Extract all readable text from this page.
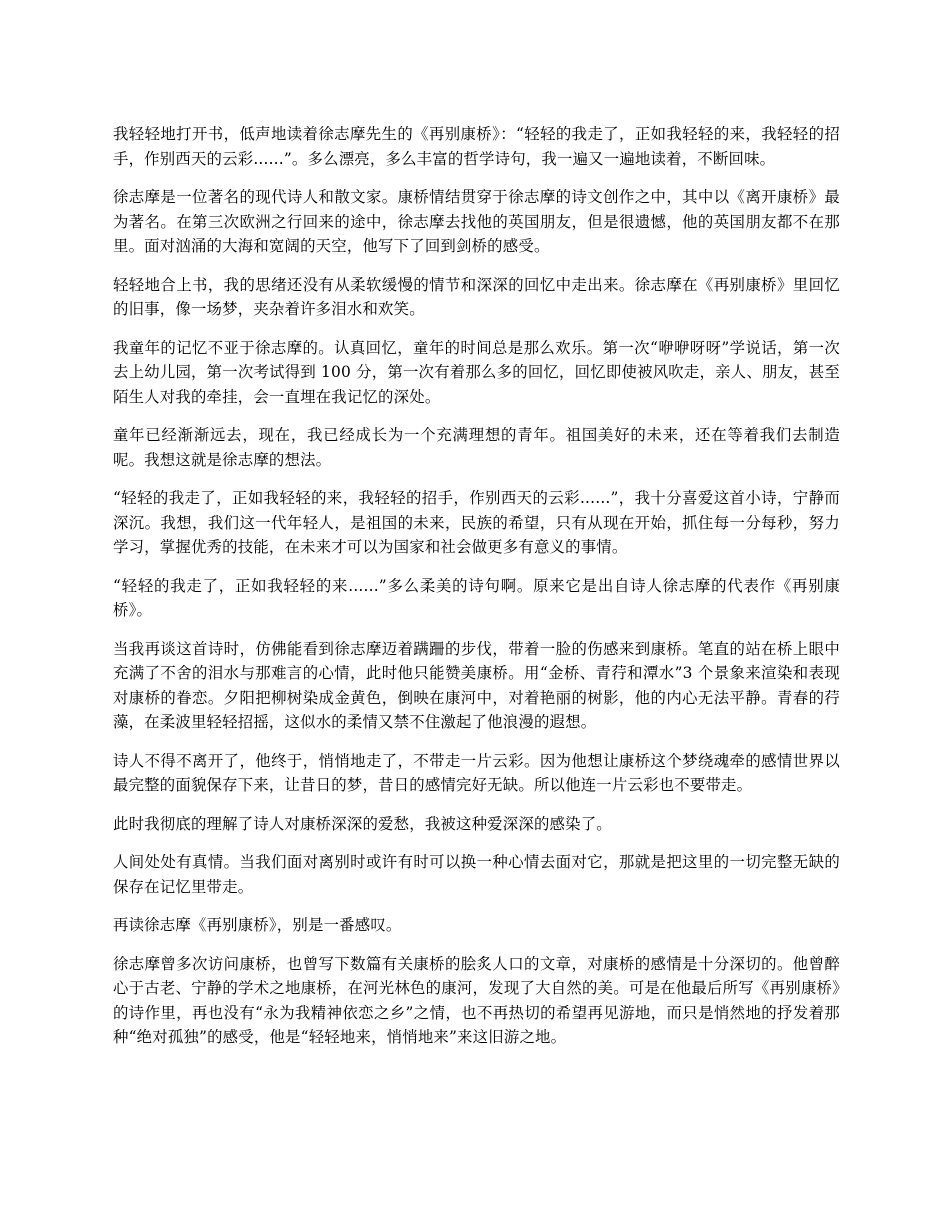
我轻轻地打开书，低声地读着徐志摩先生的《再别康桥》：“轻轻的我走了，正如我轻轻的来，我轻轻的招手，作别西天的云彩......”。多么漂亮，多么丰富的哲学诗句，我一遍又一遍地读着，不断回味。

徐志摩是一位著名的现代诗人和散文家。康桥情结贯穿于徐志摩的诗文创作之中，其中以《离开康桥》最为著名。在第三次欧洲之行回来的途中，徐志摩去找他的英国朋友，但是很遗憾，他的英国朋友都不在那里。面对汹涌的大海和宽阔的天空，他写下了回到剑桥的感受。

轻轻地合上书，我的思绪还没有从柔软缓慢的情节和深深的回忆中走出来。徐志摩在《再别康桥》里回忆的旧事，像一场梦，夹杂着许多泪水和欢笑。

我童年的记忆不亚于徐志摩的。认真回忆，童年的时间总是那么欢乐。第一次“咿咿呀呀”学说话，第一次去上幼儿园，第一次考试得到 100 分，第一次有着那么多的回忆，回忆即使被风吹走，亲人、朋友，甚至陌生人对我的牵挂，会一直埋在我记忆的深处。

童年已经渐渐远去，现在，我已经成长为一个充满理想的青年。祖国美好的未来，还在等着我们去制造呢。我想这就是徐志摩的想法。

“轻轻的我走了，正如我轻轻的来，我轻轻的招手，作别西天的云彩......”，我十分喜爱这首小诗，宁静而深沉。我想，我们这一代年轻人，是祖国的未来，民族的希望，只有从现在开始，抓住每一分每秒，努力学习，掌握优秀的技能，在未来才可以为国家和社会做更多有意义的事情。

“轻轻的我走了，正如我轻轻的来......”多么柔美的诗句啊。原来它是出自诗人徐志摩的代表作《再别康桥》。

当我再谈这首诗时，仿佛能看到徐志摩迈着蹒跚的步伐，带着一脸的伤感来到康桥。笔直的站在桥上眼中充满了不舍的泪水与那难言的心情，此时他只能赞美康桥。用“金桥、青荇和潭水”3 个景象来渲染和表现对康桥的眷恋。夕阳把柳树染成金黄色，倒映在康河中，对着艳丽的树影，他的内心无法平静。青春的荇藻，在柔波里轻轻招摇，这似水的柔情又禁不住激起了他浪漫的遐想。

诗人不得不离开了，他终于，悄悄地走了，不带走一片云彩。因为他想让康桥这个梦绕魂牵的感情世界以最完整的面貌保存下来，让昔日的梦，昔日的感情完好无缺。所以他连一片云彩也不要带走。

此时我彻底的理解了诗人对康桥深深的爱愁，我被这种爱深深的感染了。

人间处处有真情。当我们面对离别时或许有时可以换一种心情去面对它，那就是把这里的一切完整无缺的保存在记忆里带走。

再读徐志摩《再别康桥》，别是一番感叹。

徐志摩曾多次访问康桥，也曾写下数篇有关康桥的脍炙人口的文章，对康桥的感情是十分深切的。他曾醉心于古老、宁静的学术之地康桥，在河光林色的康河，发现了大自然的美。可是在他最后所写《再别康桥》的诗作里，再也没有“永为我精神依恋之乡”之情，也不再热切的希望再见游地，而只是悄然地的抒发着那种“绝对孤独”的感受，他是“轻轻地来，悄悄地来”来这旧游之地。
